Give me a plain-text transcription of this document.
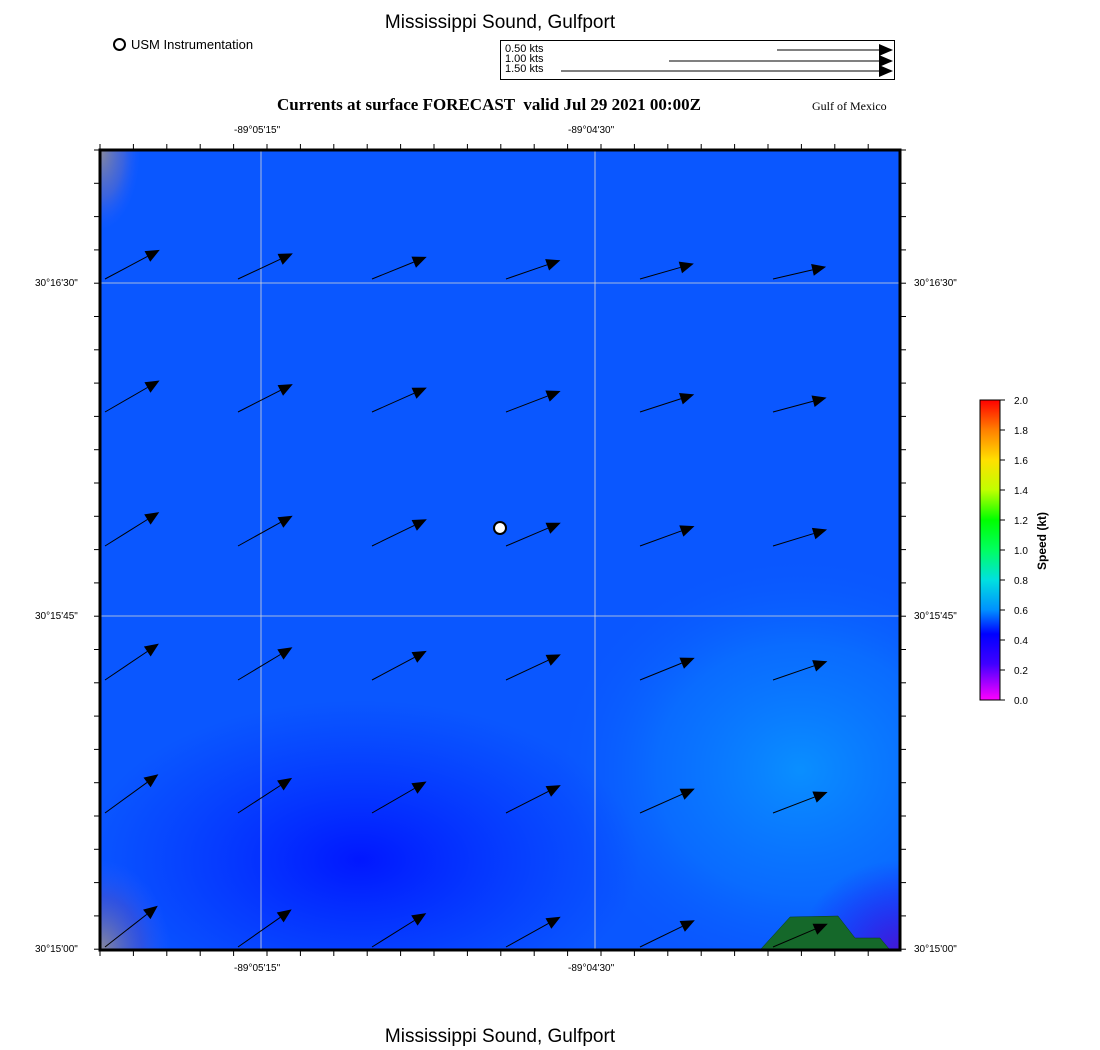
Mississippi Sound, Gulfport
USM Instrumentation	0.50 kts
1.00 kts
1.50 kts
Currents at surface FORECAST  valid Jul 29 2021 00:00Z	Gulf of Mexico
-89°05'15"	-89°04'30"
-89°05'15"	-89°04'30"
30°16'30"
30°15'45"
30°15'00"
30°16'30"
30°15'45"
30°15'00"
2.0
1.8
1.6
1.4
1.2
1.0
0.8
0.6
0.4
0.2
0.0
Speed (kt)
Mississippi Sound, Gulfport
